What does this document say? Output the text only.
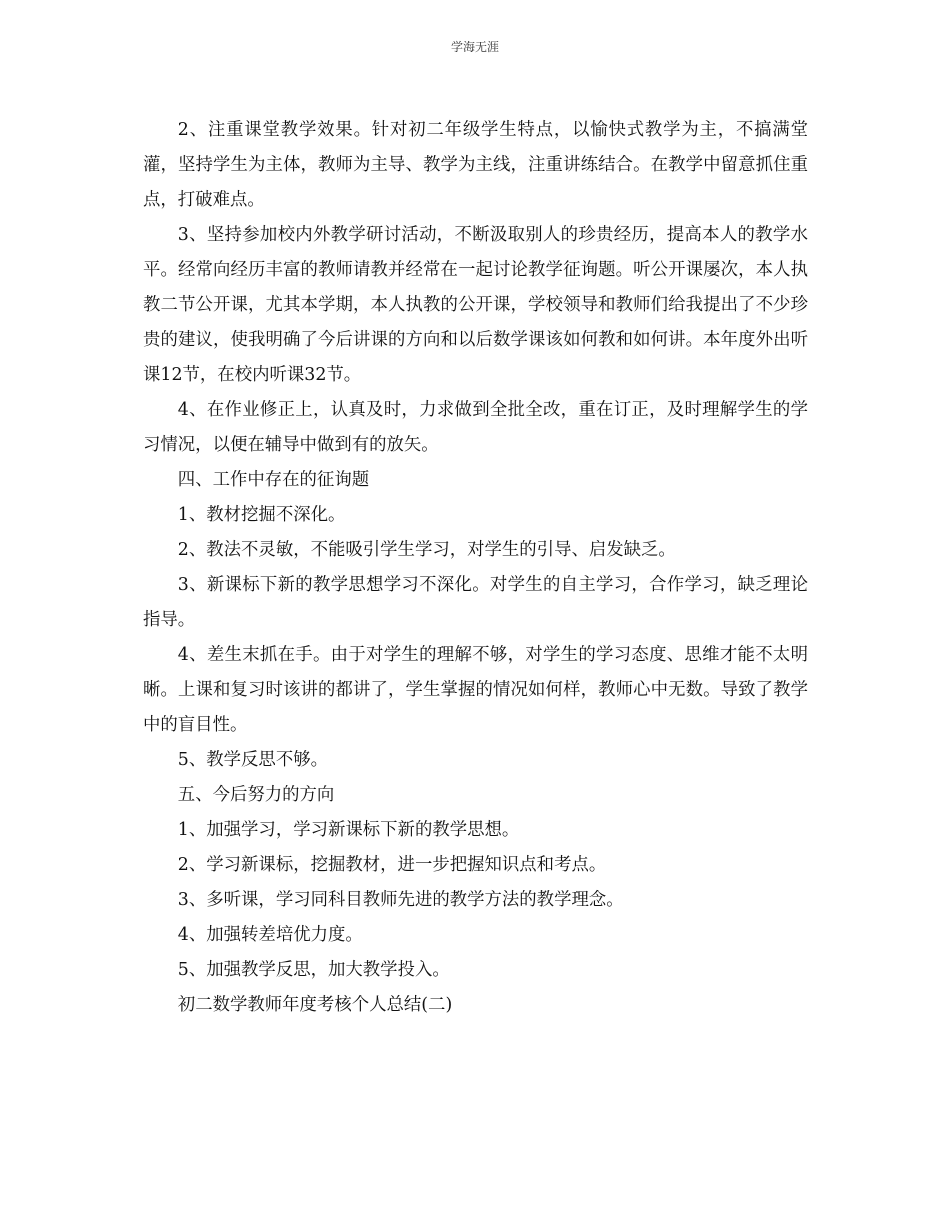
学海无涯

2、注重课堂教学效果。针对初二年级学生特点，以愉快式教学为主，不搞满堂灌，坚持学生为主体，教师为主导、教学为主线，注重讲练结合。在教学中留意抓住重点，打破难点。

3、坚持参加校内外教学研讨活动，不断汲取别人的珍贵经历，提高本人的教学水平。经常向经历丰富的教师请教并经常在一起讨论教学征询题。听公开课屡次，本人执教二节公开课，尤其本学期，本人执教的公开课，学校领导和教师们给我提出了不少珍贵的建议，使我明确了今后讲课的方向和以后数学课该如何教和如何讲。本年度外出听课12节，在校内听课32节。

4、在作业修正上，认真及时，力求做到全批全改，重在订正，及时理解学生的学习情况，以便在辅导中做到有的放矢。

四、工作中存在的征询题

1、教材挖掘不深化。

2、教法不灵敏，不能吸引学生学习，对学生的引导、启发缺乏。

3、新课标下新的教学思想学习不深化。对学生的自主学习，合作学习，缺乏理论指导。

4、差生末抓在手。由于对学生的理解不够，对学生的学习态度、思维才能不太明晰。上课和复习时该讲的都讲了，学生掌握的情况如何样，教师心中无数。导致了教学中的盲目性。

5、教学反思不够。

五、今后努力的方向

1、加强学习，学习新课标下新的教学思想。

2、学习新课标，挖掘教材，进一步把握知识点和考点。

3、多听课，学习同科目教师先进的教学方法的教学理念。

4、加强转差培优力度。

5、加强教学反思，加大教学投入。

初二数学教师年度考核个人总结(二)
